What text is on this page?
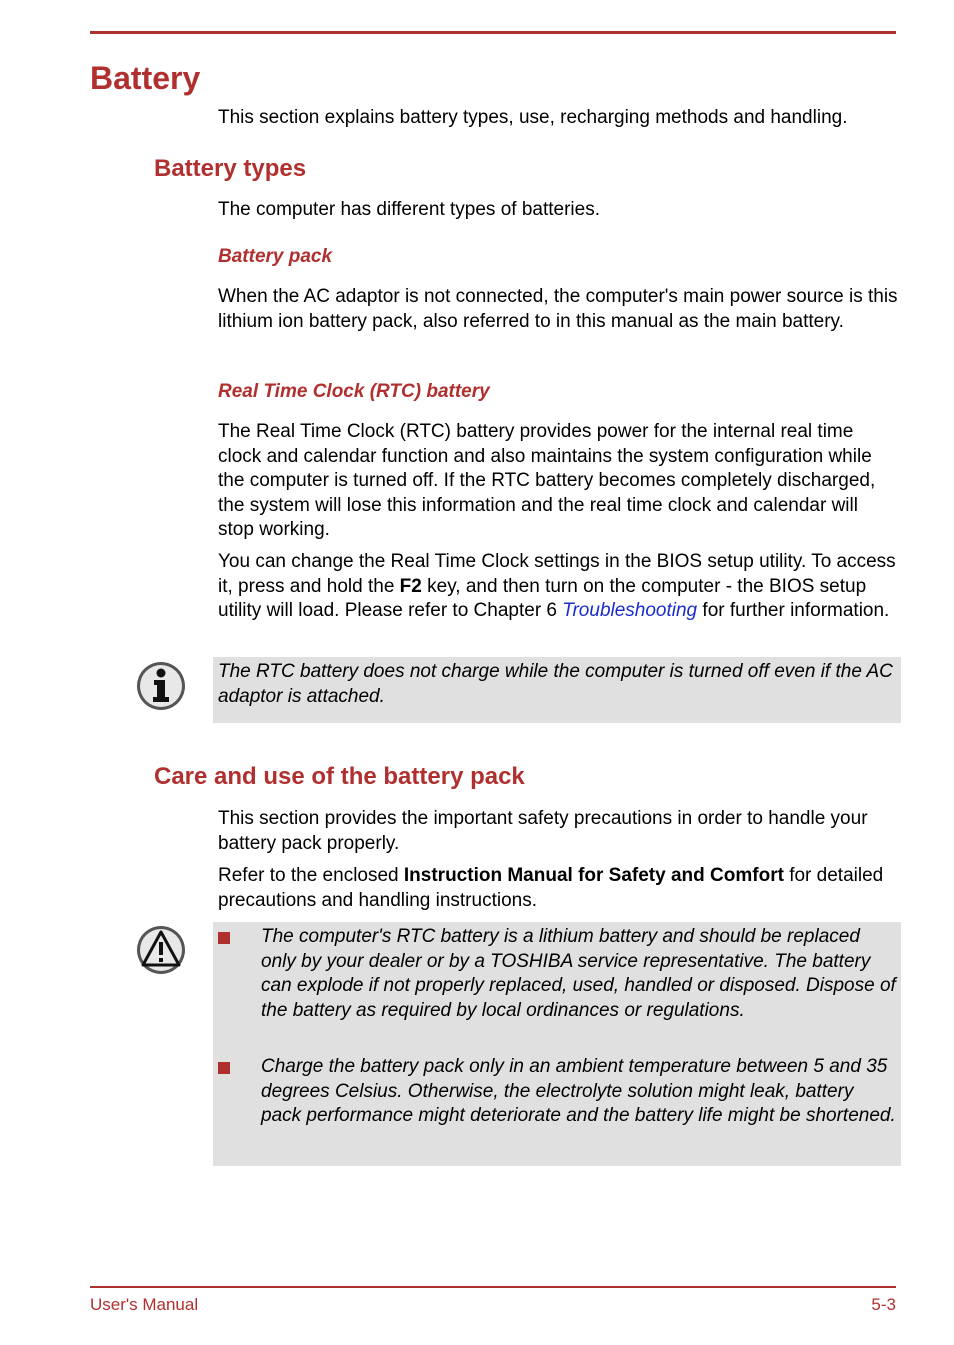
Battery

This section explains battery types, use, recharging methods and handling.

Battery types

The computer has different types of batteries.

Battery pack

When the AC adaptor is not connected, the computer's main power source is this lithium ion battery pack, also referred to in this manual as the main battery.

Real Time Clock (RTC) battery

The Real Time Clock (RTC) battery provides power for the internal real time clock and calendar function and also maintains the system configuration while the computer is turned off. If the RTC battery becomes completely discharged, the system will lose this information and the real time clock and calendar will stop working.

You can change the Real Time Clock settings in the BIOS setup utility. To access it, press and hold the F2 key, and then turn on the computer - the BIOS setup utility will load. Please refer to Chapter 6 Troubleshooting for further information.

The RTC battery does not charge while the computer is turned off even if the AC adaptor is attached.

Care and use of the battery pack

This section provides the important safety precautions in order to handle your battery pack properly.

Refer to the enclosed Instruction Manual for Safety and Comfort for detailed precautions and handling instructions.

The computer's RTC battery is a lithium battery and should be replaced only by your dealer or by a TOSHIBA service representative. The battery can explode if not properly replaced, used, handled or disposed. Dispose of the battery as required by local ordinances or regulations.

Charge the battery pack only in an ambient temperature between 5 and 35 degrees Celsius. Otherwise, the electrolyte solution might leak, battery pack performance might deteriorate and the battery life might be shortened.

User's Manual	5-3
